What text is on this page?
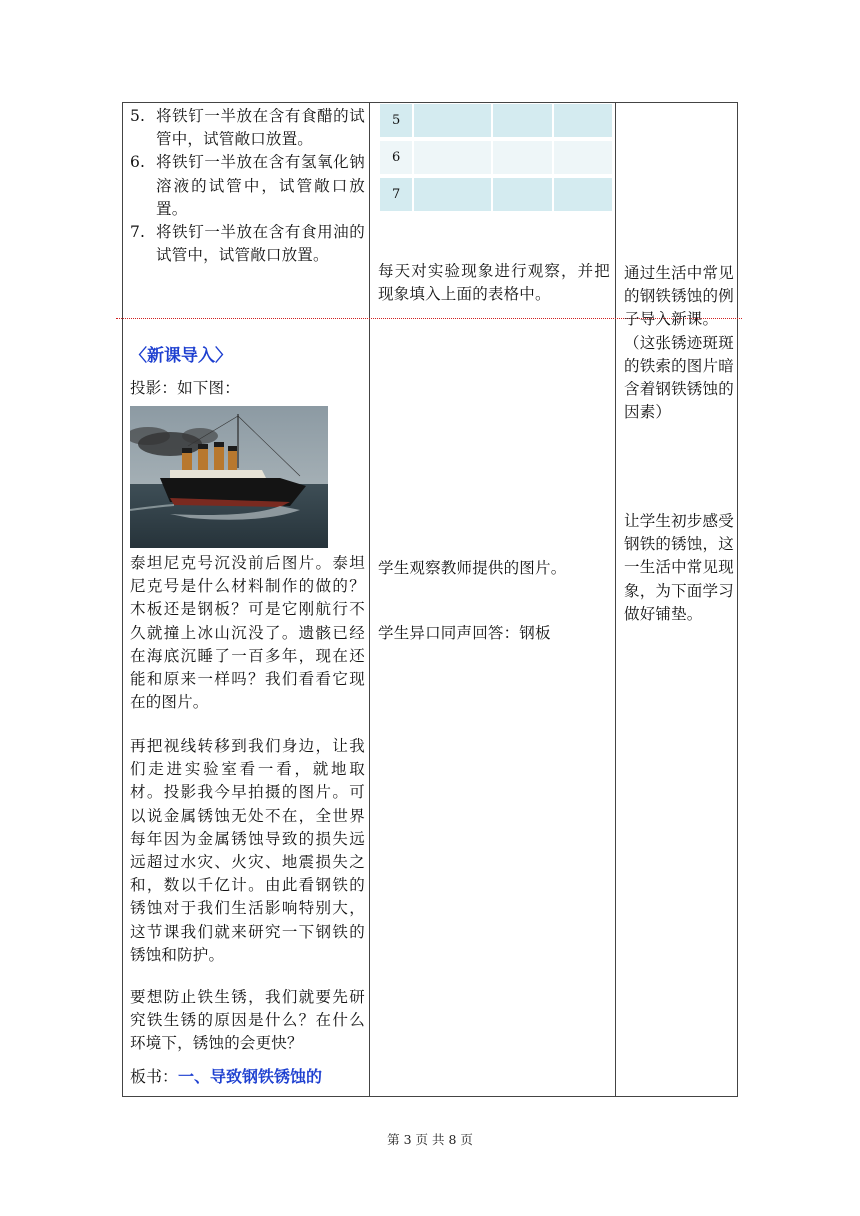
5. 将铁钉一半放在含有食醋的试管中，试管敞口放置。
6. 将铁钉一半放在含有氢氧化钠溶液的试管中，试管敞口放置。
7. 将铁钉一半放在含有食用油的试管中，试管敞口放置。
〈新课导入〉
投影：如下图：
泰坦尼克号沉没前后图片。泰坦尼克号是什么材料制作的做的？木板还是钢板？可是它刚航行不久就撞上冰山沉没了。遗骸已经在海底沉睡了一百多年，现在还能和原来一样吗？我们看看它现在的图片。
再把视线转移到我们身边，让我们走进实验室看一看，就地取材。投影我今早拍摄的图片。可以说金属锈蚀无处不在，全世界每年因为金属锈蚀导致的损失远远超过水灾、火灾、地震损失之和，数以千亿计。由此看钢铁的锈蚀对于我们生活影响特别大，这节课我们就来研究一下钢铁的锈蚀和防护。
要想防止铁生锈，我们就要先研究铁生锈的原因是什么？在什么环境下，锈蚀的会更快？
板书：一、导致钢铁锈蚀的
5
6
7
每天对实验现象进行观察，并把现象填入上面的表格中。
学生观察教师提供的图片。
学生异口同声回答：钢板
通过生活中常见的钢铁锈蚀的例子导入新课。（这张锈迹斑斑的铁索的图片暗含着钢铁锈蚀的因素）
让学生初步感受钢铁的锈蚀，这一生活中常见现象，为下面学习做好铺垫。
第 3 页 共 8 页
